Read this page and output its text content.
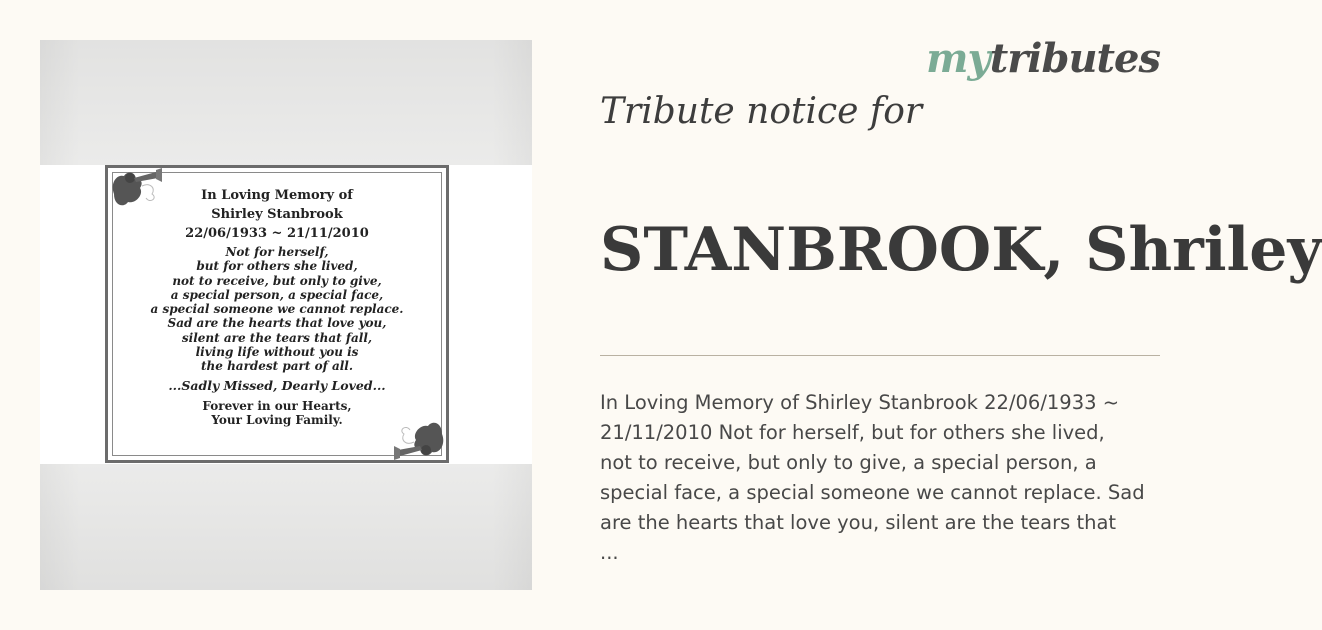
In Loving Memory of
Shirley Stanbrook
22/06/1933 ~ 21/11/2010
Not for herself,
but for others she lived,
not to receive, but only to give,
a special person, a special face,
a special someone we cannot replace.
Sad are the hearts that love you,
silent are the tears that fall,
living life without you is
the hardest part of all.
...Sadly Missed, Dearly Loved...
Forever in our Hearts,
Your Loving Family.
mytributes
Tribute notice for
STANBROOK, Shriley
In Loving Memory of Shirley Stanbrook 22/06/1933 ~
21/11/2010 Not for herself, but for others she lived,
not to receive, but only to give, a special person, a
special face, a special someone we cannot replace. Sad
are the hearts that love you, silent are the tears that
...
